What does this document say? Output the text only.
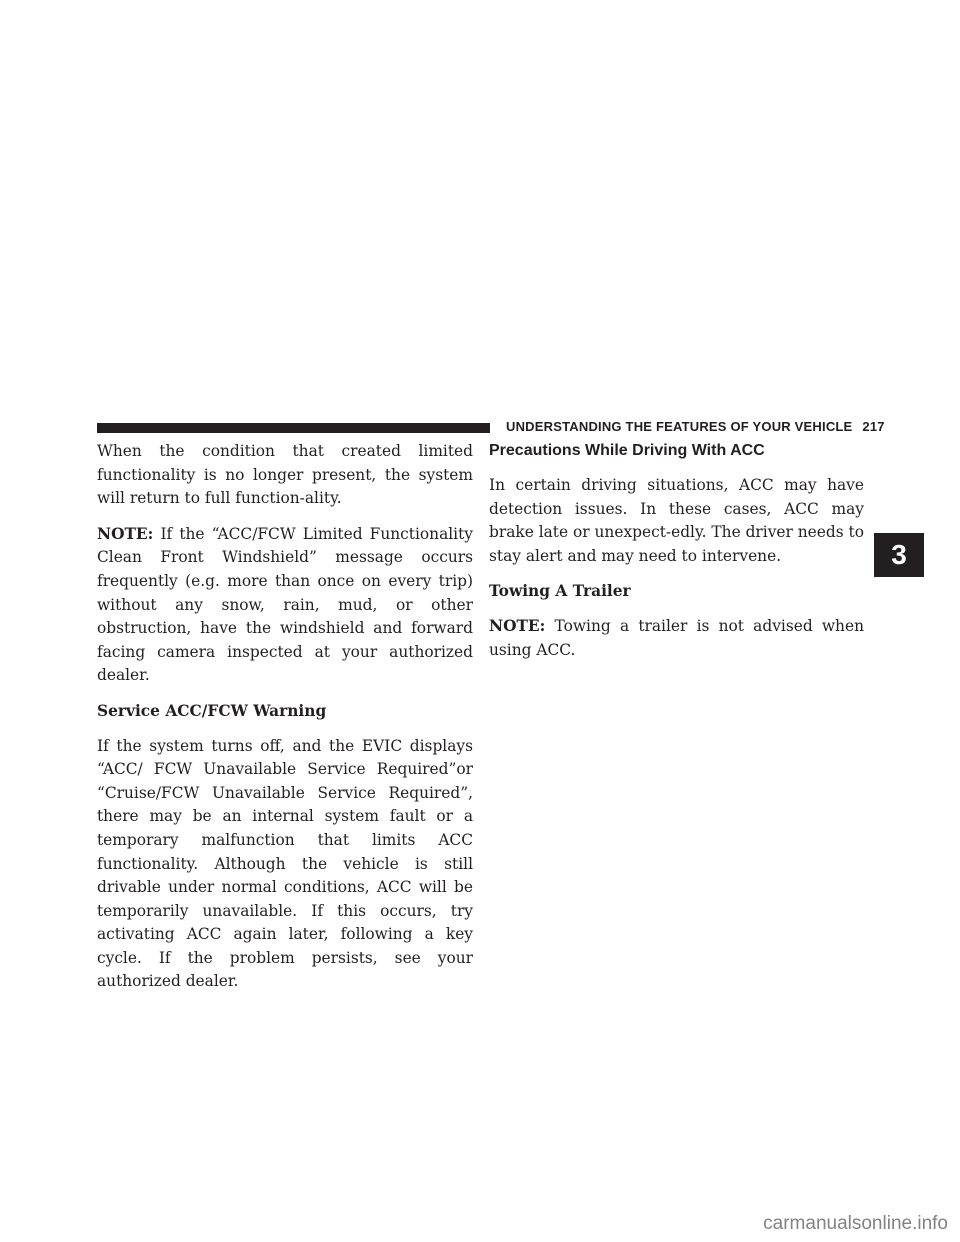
UNDERSTANDING THE FEATURES OF YOUR VEHICLE 217

When the condition that created limited functionality is no longer present, the system will return to full function-ality.

NOTE: If the “ACC/FCW Limited Functionality Clean Front Windshield” message occurs frequently (e.g. more than once on every trip) without any snow, rain, mud, or other obstruction, have the windshield and forward facing camera inspected at your authorized dealer.

Service ACC/FCW Warning

If the system turns off, and the EVIC displays “ACC/ FCW Unavailable Service Required”or “Cruise/FCW Unavailable Service Required”, there may be an internal system fault or a temporary malfunction that limits ACC functionality. Although the vehicle is still drivable under normal conditions, ACC will be temporarily unavailable. If this occurs, try activating ACC again later, following a key cycle. If the problem persists, see your authorized dealer.

Precautions While Driving With ACC

In certain driving situations, ACC may have detection issues. In these cases, ACC may brake late or unexpect-edly. The driver needs to stay alert and may need to intervene.

Towing A Trailer

NOTE: Towing a trailer is not advised when using ACC.

3
carmanualsonline.info
